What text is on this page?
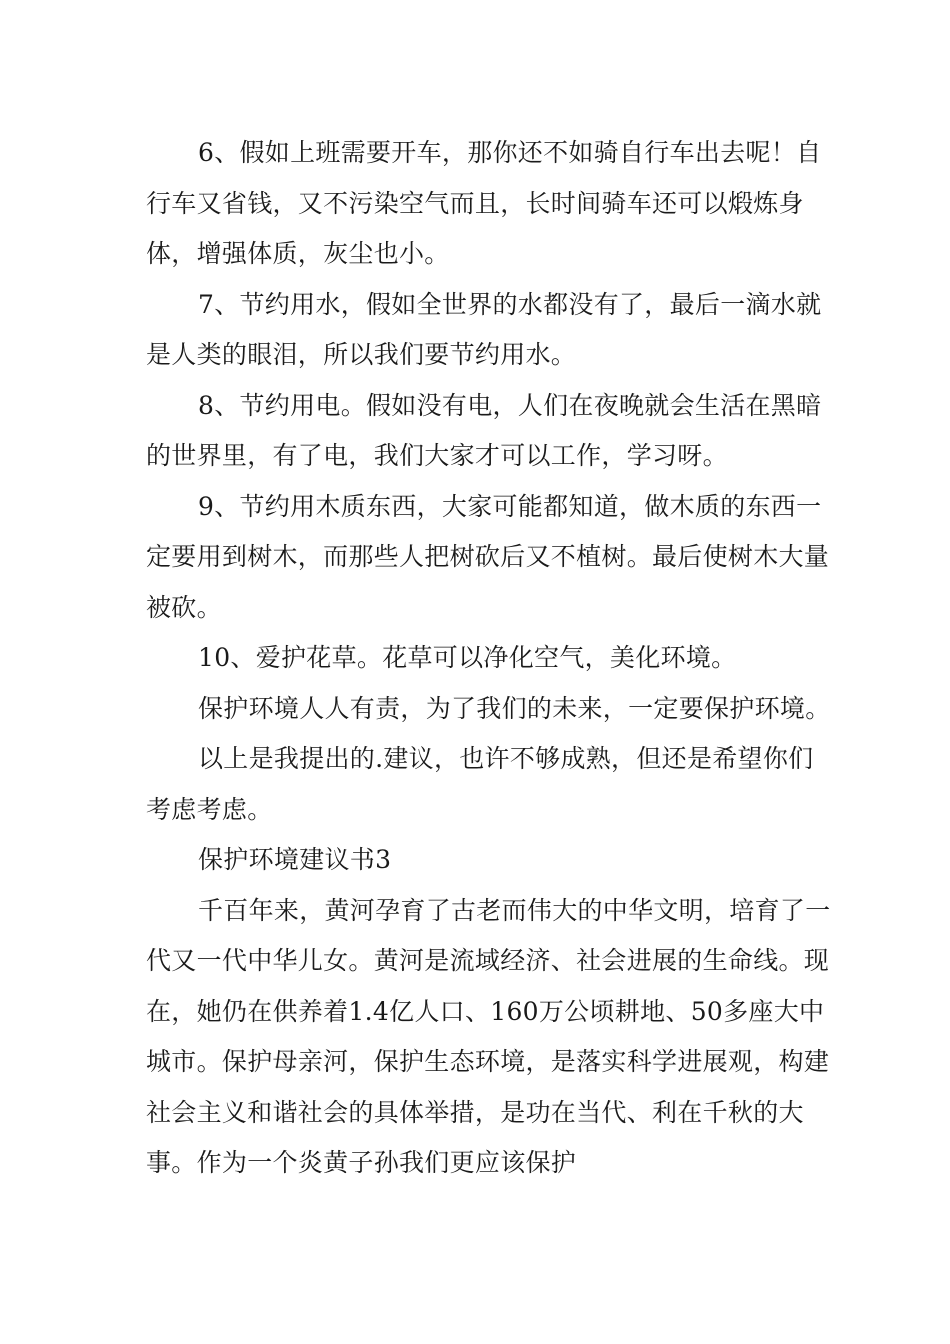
6、假如上班需要开车，那你还不如骑自行车出去呢！自行车又省钱，又不污染空气而且，长时间骑车还可以煅炼身体，增强体质，灰尘也小。

7、节约用水，假如全世界的水都没有了，最后一滴水就是人类的眼泪，所以我们要节约用水。

8、节约用电。假如没有电，人们在夜晚就会生活在黑暗的世界里，有了电，我们大家才可以工作，学习呀。

9、节约用木质东西，大家可能都知道，做木质的东西一定要用到树木，而那些人把树砍后又不植树。最后使树木大量被砍。

10、爱护花草。花草可以净化空气，美化环境。

保护环境人人有责，为了我们的未来，一定要保护环境。

以上是我提出的.建议，也许不够成熟，但还是希望你们考虑考虑。

保护环境建议书3

千百年来，黄河孕育了古老而伟大的中华文明，培育了一代又一代中华儿女。黄河是流域经济、社会进展的生命线。现在，她仍在供养着1.4亿人口、160万公顷耕地、50多座大中城市。保护母亲河，保护生态环境，是落实科学进展观，构建社会主义和谐社会的具体举措，是功在当代、利在千秋的大事。作为一个炎黄子孙我们更应该保护
